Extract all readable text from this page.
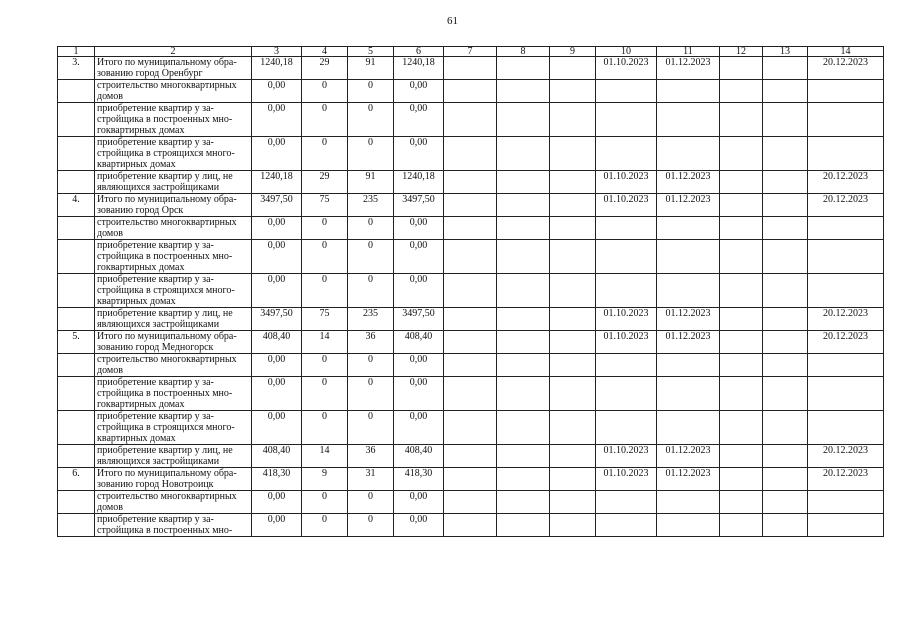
61
1	2	3	4	5	6	7	8	9	10	11	12	13	14
3.	Итого по муниципальному обра- зованию город Оренбург	1240,18	29	91	1240,18				01.10.2023	01.12.2023			20.12.2023
	строительство многоквартирных домов	0,00	0	0	0,00								
	приобретение квартир у за- стройщика в построенных мно- гоквартирных домах	0,00	0	0	0,00								
	приобретение квартир у за- стройщика в строящихся много- квартирных домах	0,00	0	0	0,00								
	приобретение квартир у лиц, не являющихся застройщиками	1240,18	29	91	1240,18				01.10.2023	01.12.2023			20.12.2023
4.	Итого по муниципальному обра- зованию город Орск	3497,50	75	235	3497,50				01.10.2023	01.12.2023			20.12.2023
	строительство многоквартирных домов	0,00	0	0	0,00								
	приобретение квартир у за- стройщика в построенных мно- гоквартирных домах	0,00	0	0	0,00								
	приобретение квартир у за- стройщика в строящихся много- квартирных домах	0,00	0	0	0,00								
	приобретение квартир у лиц, не являющихся застройщиками	3497,50	75	235	3497,50				01.10.2023	01.12.2023			20.12.2023
5.	Итого по муниципальному обра- зованию город Медногорск	408,40	14	36	408,40				01.10.2023	01.12.2023			20.12.2023
	строительство многоквартирных домов	0,00	0	0	0,00								
	приобретение квартир у за- стройщика в построенных мно- гоквартирных домах	0,00	0	0	0,00								
	приобретение квартир у за- стройщика в строящихся много- квартирных домах	0,00	0	0	0,00								
	приобретение квартир у лиц, не являющихся застройщиками	408,40	14	36	408,40				01.10.2023	01.12.2023			20.12.2023
6.	Итого по муниципальному обра- зованию город Новотроицк	418,30	9	31	418,30				01.10.2023	01.12.2023			20.12.2023
	строительство многоквартирных домов	0,00	0	0	0,00								
	приобретение квартир у за- стройщика в построенных мно-	0,00	0	0	0,00								
